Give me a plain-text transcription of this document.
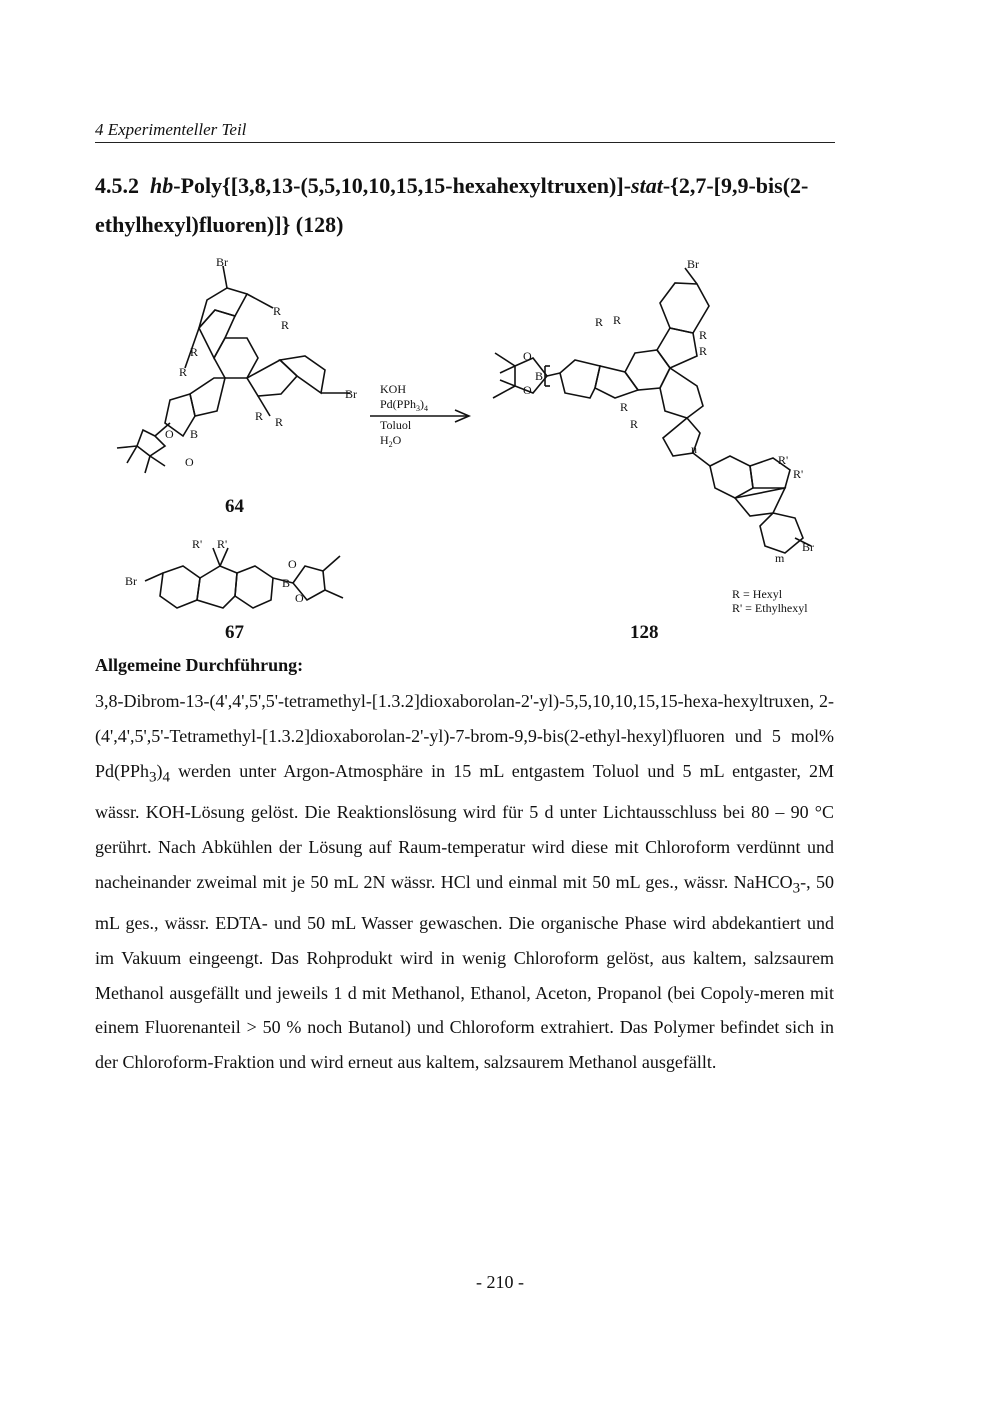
4 Experimenteller Teil
4.5.2 hb-Poly{[3,8,13-(5,5,10,10,15,15-hexahexyltruxen)]-stat-{2,7-[9,9-bis(2-ethylhexyl)fluoren)]} (128)
Br
Br
B
O
O
R
R
R
R
R R
KOH
$Pd(PPh_3)_4$
Toluol
$H_2O$
R' R'
Br	B
O
O
Br
R
R
R R
R
R
B
O
O
n
R'
R'
Br
m
R = Hexyl
R' = Ethylhexyl
64
67	128
Allgemeine Durchführung:

3,8-Dibrom-13-(4',4',5',5'-tetramethyl-[1.3.2]dioxaborolan-2'-yl)-5,5,10,10,15,15-hexa-hexyltruxen, 2-(4',4',5',5'-Tetramethyl-[1.3.2]dioxaborolan-2'-yl)-7-brom-9,9-bis(2-ethyl-hexyl)fluoren und 5 mol% $Pd(PPh_3)_4$ werden unter Argon-Atmosphäre in 15 mL entgastem Toluol und 5 mL entgaster, 2M wässr. KOH-Lösung gelöst. Die Reaktionslösung wird für 5 d unter Lichtausschluss bei 80 – 90 °C gerührt. Nach Abkühlen der Lösung auf Raum-temperatur wird diese mit Chloroform verdünnt und nacheinander zweimal mit je 50 mL 2N wässr. HCl und einmal mit 50 mL ges., wässr. NaHCO$_3$-, 50 mL ges., wässr. EDTA- und 50 mL Wasser gewaschen. Die organische Phase wird abdekantiert und im Vakuum eingeengt. Das Rohprodukt wird in wenig Chloroform gelöst, aus kaltem, salzsaurem Methanol ausgefällt und jeweils 1 d mit Methanol, Ethanol, Aceton, Propanol (bei Copoly-meren mit einem Fluorenanteil > 50 % noch Butanol) und Chloroform extrahiert. Das Polymer befindet sich in der Chloroform-Fraktion und wird erneut aus kaltem, salzsaurem Methanol ausgefällt.

- 210 -
